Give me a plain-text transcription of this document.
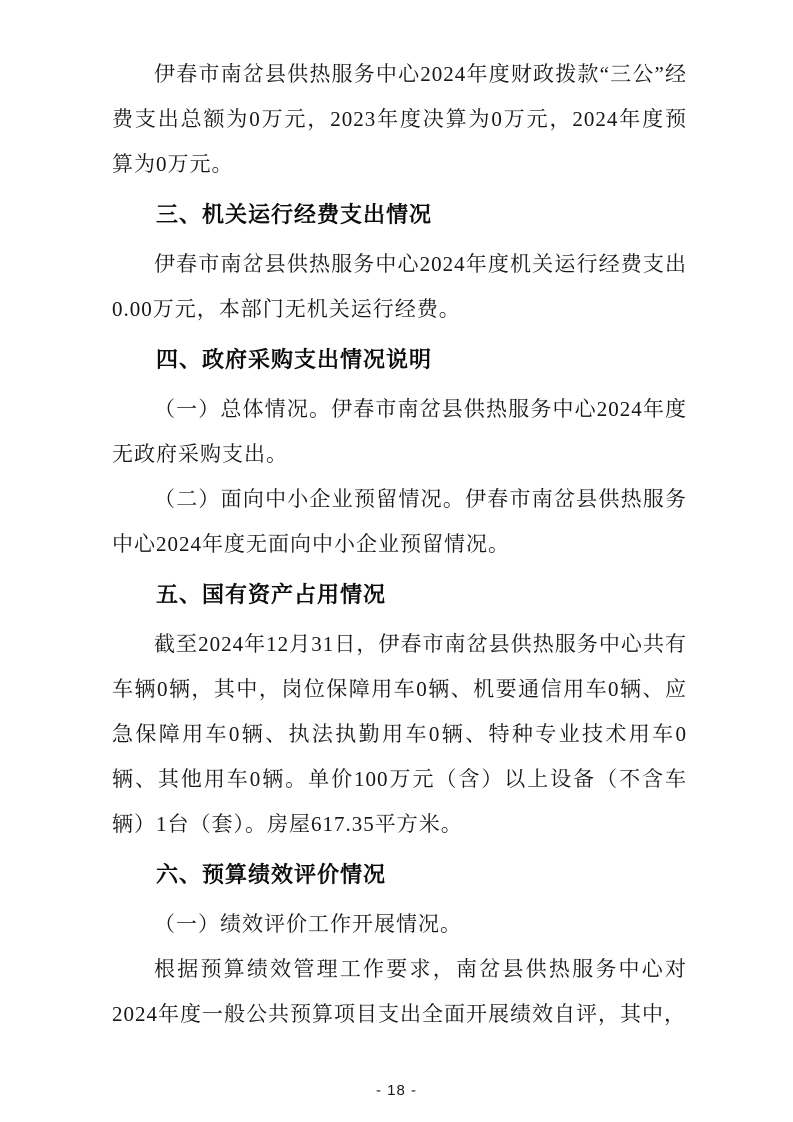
伊春市南岔县供热服务中心2024年度财政拨款“三公”经费支出总额为0万元，2023年度决算为0万元，2024年度预算为0万元。

三、机关运行经费支出情况

伊春市南岔县供热服务中心2024年度机关运行经费支出0.00万元，本部门无机关运行经费。

四、政府采购支出情况说明

（一）总体情况。伊春市南岔县供热服务中心2024年度无政府采购支出。

（二）面向中小企业预留情况。伊春市南岔县供热服务中心2024年度无面向中小企业预留情况。

五、国有资产占用情况

截至2024年12月31日，伊春市南岔县供热服务中心共有车辆0辆，其中，岗位保障用车0辆、机要通信用车0辆、应急保障用车0辆、执法执勤用车0辆、特种专业技术用车0辆、其他用车0辆。单价100万元（含）以上设备（不含车辆）1台（套）。房屋617.35平方米。

六、预算绩效评价情况

（一）绩效评价工作开展情况。

根据预算绩效管理工作要求，南岔县供热服务中心对2024年度一般公共预算项目支出全面开展绩效自评，其中，

- 18 -
